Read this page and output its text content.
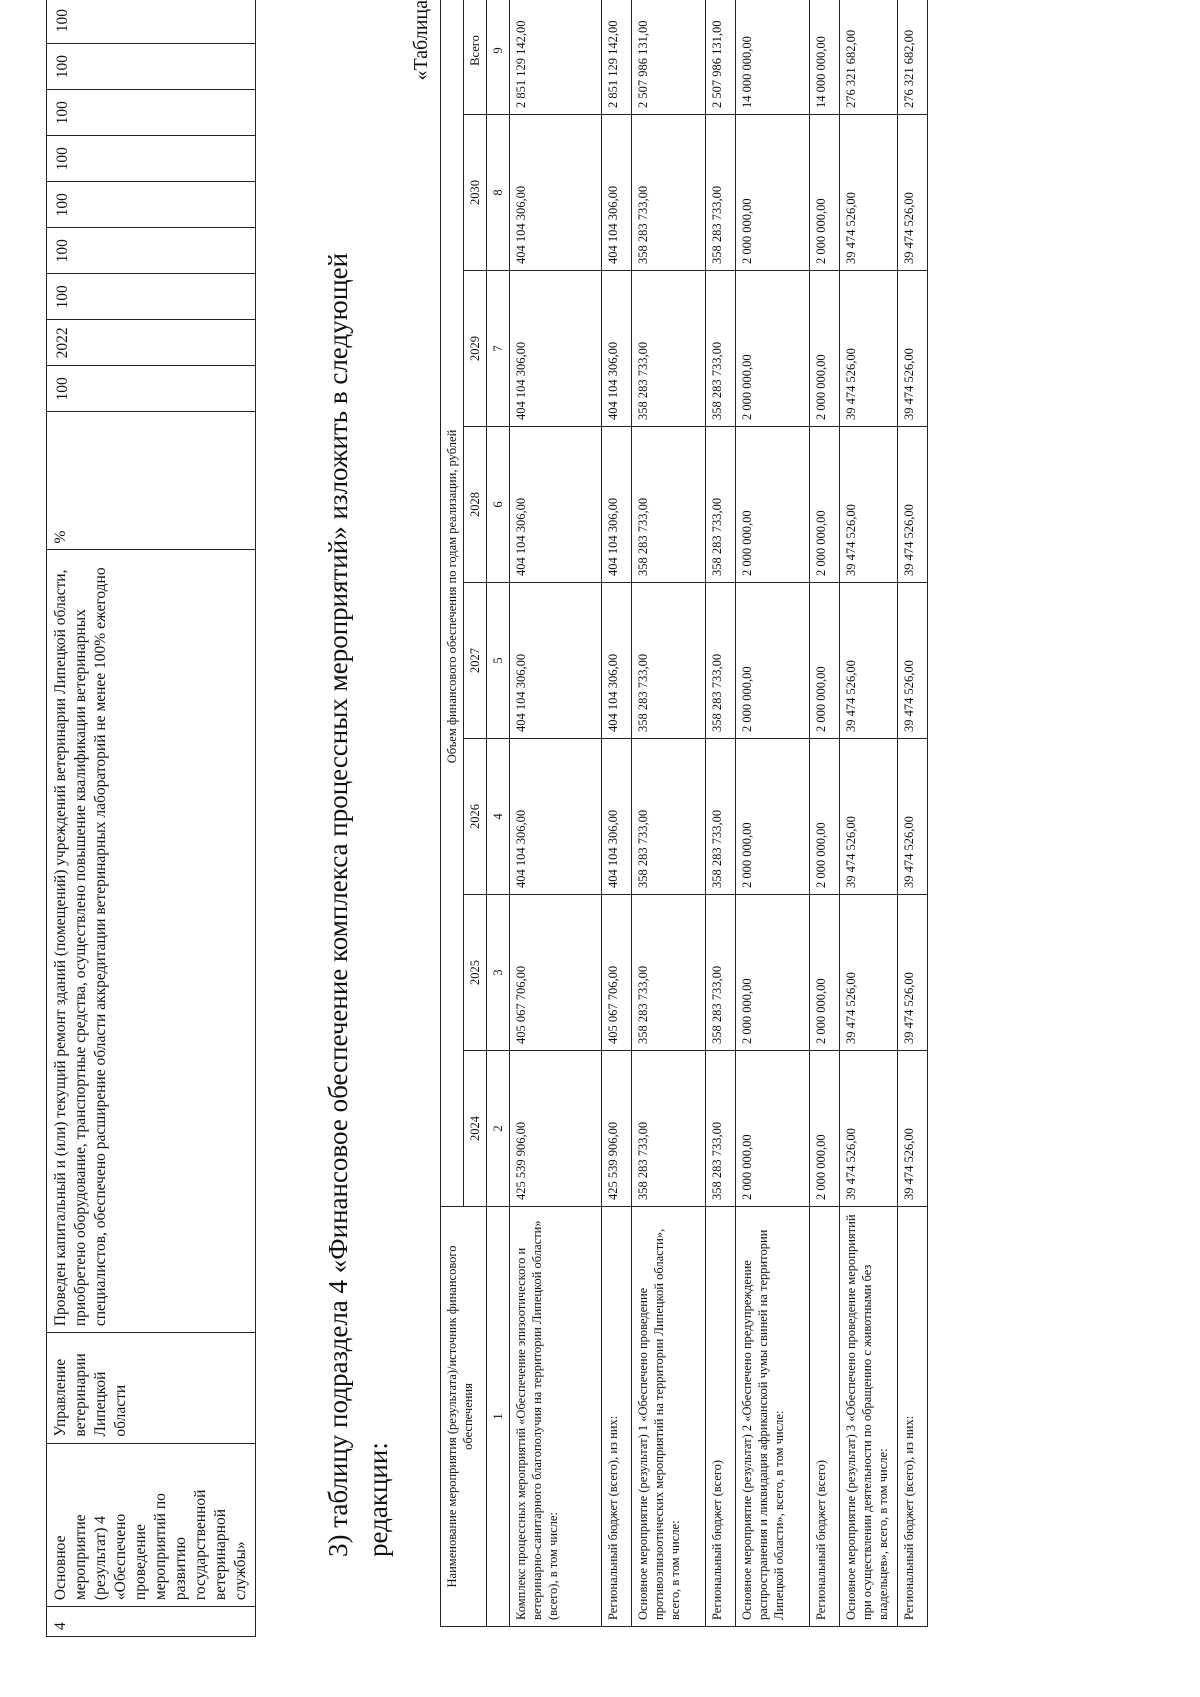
4	Основное мероприятие (результат) 4 «Обеспечено проведение мероприятий по развитию государственной ветеринарной службы»	Управление ветеринарии Липецкой области	Проведен капитальный и (или) текущий ремонт зданий (помещений) учреждений ветеринарии Липецкой области, приобретено оборудование, транспортные средства, осуществлено повышение квалификации ветеринарных специалистов, обеспечено расширение области аккредитации ветеринарных лабораторий не менее 100% ежегодно	%	100	2022	100	100	100	100	100	100	100
3) таблицу подраздела 4 «Финансовое обеспечение комплекса процессных мероприятий» изложить в следующей редакции:
«Таблица
Наименование мероприятия (результата)/источник финансового обеспечения	Объем финансового обеспечения по годам реализации, рублей							
	2024	2025	2026	2027	2028	2029	2030	Всего
1	2	3	4	5	6	7	8	9
Комплекс процессных мероприятий «Обеспечение эпизоотического и ветеринарно-санитарного благополучия на территории Липецкой области» (всего), в том числе:	425 539 906,00	405 067 706,00	404 104 306,00	404 104 306,00	404 104 306,00	404 104 306,00	404 104 306,00	2 851 129 142,00
Региональный бюджет (всего), из них:	425 539 906,00	405 067 706,00	404 104 306,00	404 104 306,00	404 104 306,00	404 104 306,00	404 104 306,00	2 851 129 142,00
Основное мероприятие (результат) 1 «Обеспечено проведение противоэпизоотических мероприятий на территории Липецкой области», всего, в том числе:	358 283 733,00	358 283 733,00	358 283 733,00	358 283 733,00	358 283 733,00	358 283 733,00	358 283 733,00	2 507 986 131,00
Региональный бюджет (всего)	358 283 733,00	358 283 733,00	358 283 733,00	358 283 733,00	358 283 733,00	358 283 733,00	358 283 733,00	2 507 986 131,00
Основное мероприятие (результат) 2 «Обеспечено предупреждение распространения и ликвидация африканской чумы свиней на территории Липецкой области», всего, в том числе:	2 000 000,00	2 000 000,00	2 000 000,00	2 000 000,00	2 000 000,00	2 000 000,00	2 000 000,00	14 000 000,00
Региональный бюджет (всего)	2 000 000,00	2 000 000,00	2 000 000,00	2 000 000,00	2 000 000,00	2 000 000,00	2 000 000,00	14 000 000,00
Основное мероприятие (результат) 3 «Обеспечено проведение мероприятий при осуществлении деятельности по обращению с животными без владельцев», всего, в том числе:	39 474 526,00	39 474 526,00	39 474 526,00	39 474 526,00	39 474 526,00	39 474 526,00	39 474 526,00	276 321 682,00
Региональный бюджет (всего), из них:	39 474 526,00	39 474 526,00	39 474 526,00	39 474 526,00	39 474 526,00	39 474 526,00	39 474 526,00	276 321 682,00
